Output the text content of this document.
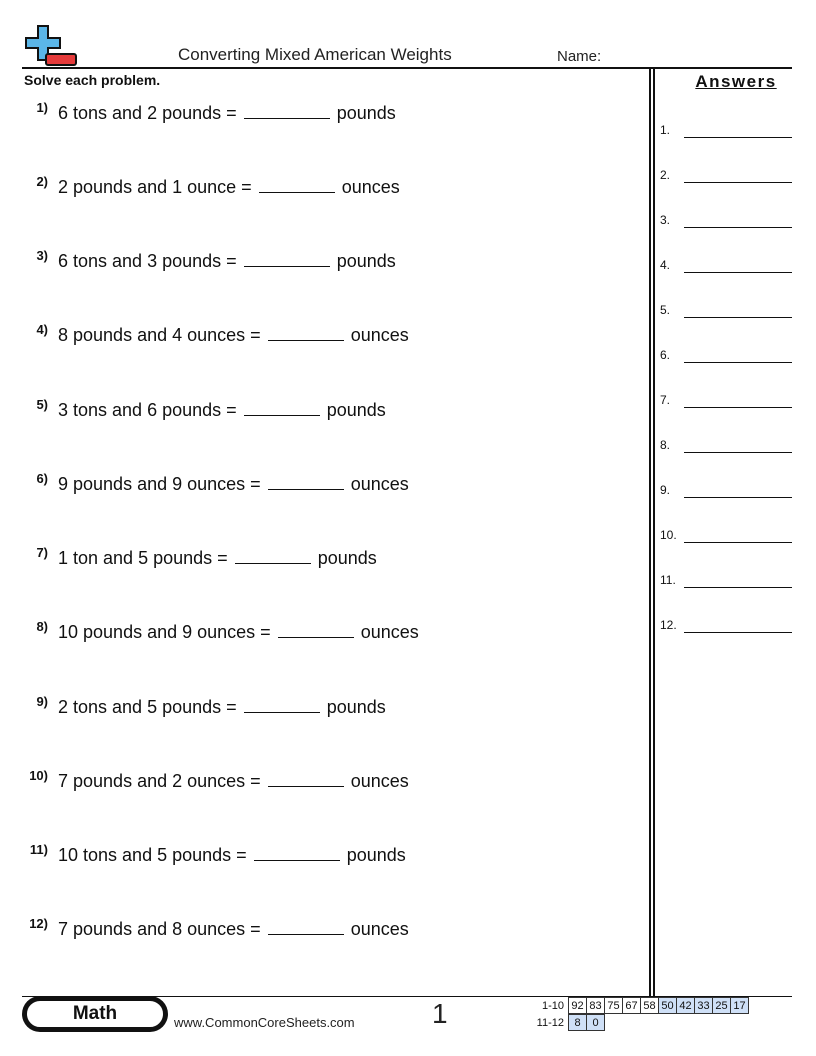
Converting Mixed American Weights	Name:
Solve each problem.	Answers
1) 6 tons and 2 pounds =	pounds
2) 2 pounds and 1 ounce =	ounces
3) 6 tons and 3 pounds =	pounds
4) 8 pounds and 4 ounces =	ounces
5) 3 tons and 6 pounds =	pounds
6) 9 pounds and 9 ounces =	ounces
7) 1 ton and 5 pounds =	pounds
8) 10 pounds and 9 ounces =	ounces
9) 2 tons and 5 pounds =	pounds
10) 7 pounds and 2 ounces =	ounces
11) 10 tons and 5 pounds =	pounds
12) 7 pounds and 8 ounces =	ounces
1.
2.
3.
4.
5.
6.
7.
8.
9.
10.
11.
12.
Math	www.CommonCoreSheets.com	1	1-10	92	83	75	67	58	50	42	33	25	17
11-12	8	0
